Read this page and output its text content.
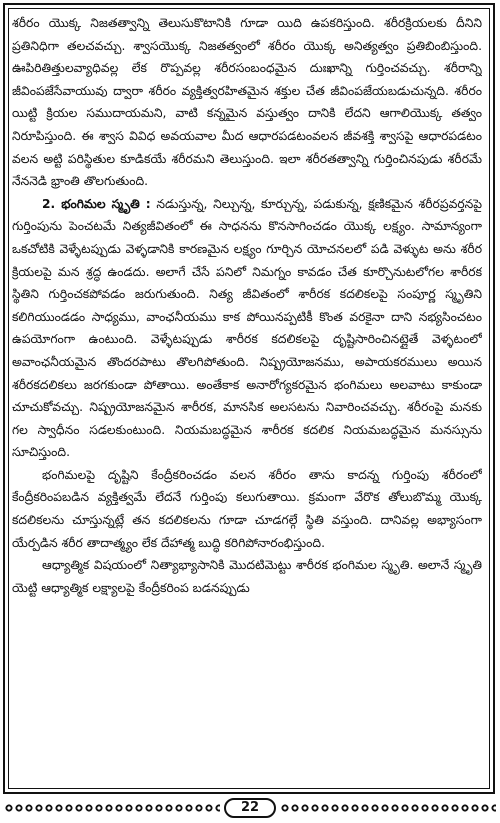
శరీరం యొక్క నిజతత్వాన్ని తెలుసుకొటానికి గూడా యిది ఉపకరిస్తుంది. శరీరక్రియలకు దీనిని ప్రతినిధిగా తలచవచ్చు. శ్వాసయొక్క నిజతత్వంలో శరీరం యొక్క అనిత్యత్వం ప్రతిబింబిస్తుంది. ఊపిరితిత్తులవ్యాధివల్ల లేక రొప్పవల్ల శరీరసంబంధమైన దుఃఖాన్ని గుర్తించవచ్చు. శరీరాన్ని జీవింపజేసేవాయువు ద్వారా శరీరం వ్యక్తిత్వరహితమైన శక్తుల చేత జీవింపజేయబడుచున్నది. శరీరం యిట్టి క్రియల సముదాయమని, వాటి కన్నమైన వస్తుత్వం దానికి లేదని ఆగాలియొక్క తత్వం నిరూపిస్తుంది. ఈ శ్వాస వివిధ అవయవాల మీద ఆధారపడటంవలన జీవశక్తి శ్వాసపై ఆధారపడటం వలన అట్టి పరిస్థితుల కూడికయే శరీరమని తెలుస్తుంది. ఇలా శరీరతత్వాన్ని గుర్తించినపుడు శరీరమే నేననెడి భ్రాంతి తొలగుతుంది.

2. భంగిమల స్మృతి : నడుస్తున్న, నిల్చున్న, కూర్చున్న, పడుకున్న, క్షణికమైన శరీరప్రవర్తనపై గుర్తింపును పెంచటమే నిత్యజీవితంలో ఈ సాధనను కొనసాగించడం యొక్క లక్ష్యం. సామాన్యంగా ఒకచోటికి వెళ్ళేటప్పుడు వెళ్ళడానికి కారణమైన లక్ష్యం గూర్చిన యోచనలలో పడి వెళ్ళుట అను శరీర క్రియలపై మన శ్రద్ధ ఉండదు. అలాగే చేసే పనిలో నిమగ్నం కావడం చేత కూర్చొనుటలోగల శారీరక స్థితిని గుర్తించకపోవడం జరుగుతుంది. నిత్య జీవితంలో శారీరక కదలికలపై సంపూర్ణ స్మృతిని కలిగియుండడం సాధ్యము, వాంఛనీయము కాక పోయినప్పటికీ కొంత వరకైనా దాని నభ్యసించటం ఉపయోగంగా ఉంటుంది. వెళ్ళేటప్పుడు శారీరక కదలికలపై దృష్టిసారించినట్లైతే వెళ్ళటంలో అవాంఛనీయమైన తొందరపాటు తొలగిపోతుంది. నిష్ప్రయోజనము, అపాయకరములు అయిన శరీరకదలికలు జరగకుండా పోతాయి. అంతేకాక అనారోగ్యకరమైన భంగిమలు అలవాటు కాకుండా చూచుకోవచ్చు. నిష్ప్రయోజనమైన శారీరక, మానసిక అలసటను నివారించవచ్చు. శరీరంపై మనకు గల స్వాధీనం సడలకుంటుంది. నియమబద్ధమైన శారీరక కదలిక నియమబద్ధమైన మనస్సును సూచిస్తుంది.

భంగిమలపై దృష్టిని కేంద్రీకరించడం వలన శరీరం తాను కాదన్న గుర్తింపు శరీరంలో కేంద్రీకరింపబడిన వ్యక్తిత్వమే లేదనే గుర్తింపు కలుగుతాయి. క్రమంగా వేరొక తోలుబొమ్మ యొక్క కదలికలను చూస్తున్నట్లే తన కదలికలను గూడా చూడగల్గే స్థితి వస్తుంది. దానివల్ల అభ్యాసంగా యేర్పడిన శరీర తాదాత్మ్యం లేక దేహాత్మ బుద్ధి కరిగిపోనారంభిస్తుంది.

ఆధ్యాత్మిక విషయంలో నిత్యాభ్యాసానికి మొదటిమెట్టు శారీరక భంగిమల స్మృతి. అలానే స్మృతి యెట్టి ఆధ్యాత్మిక లక్ష్యాలపై కేంద్రీకరింప బడనప్పుడు

22
